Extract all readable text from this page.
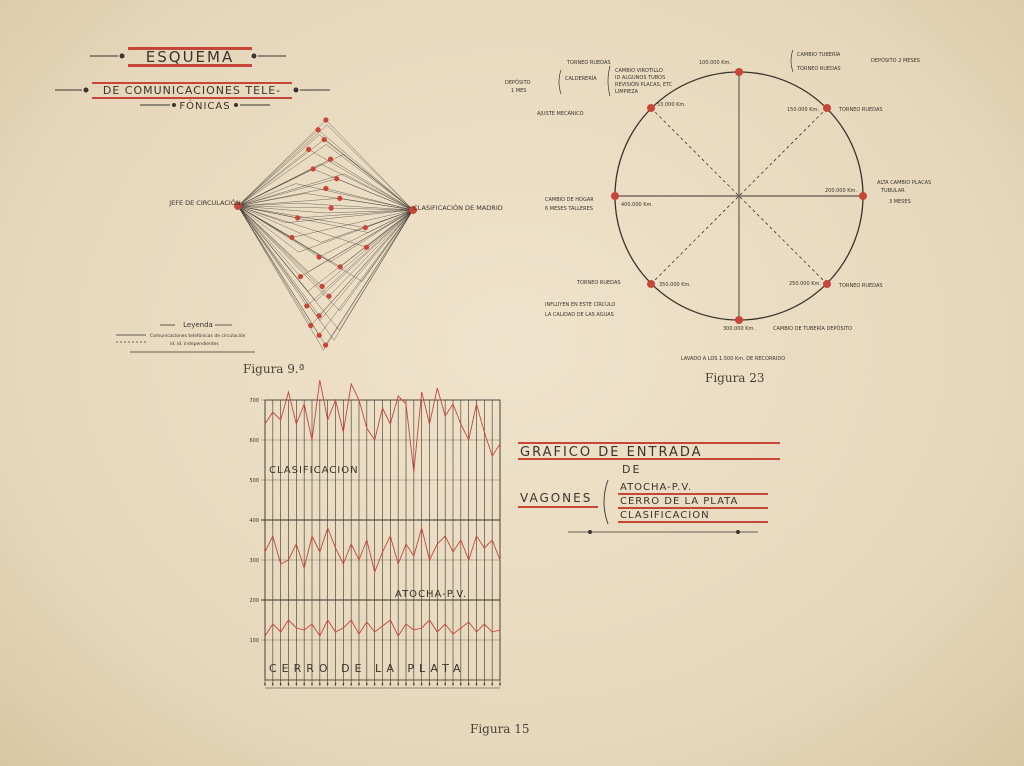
ESQUEMA
DE COMUNICACIONES TELE-
FÓNICAS
JEFE DE CIRCULACIÓN
CLASIFICACIÓN DE MADRID
Leyenda
Comunicaciones telefónicas de circulación
id. id. independientes
Figura 9.ª
100.000 Km.
CAMBIO TUBERÍA
TORNEO RUEDAS
DEPÓSITO 2 MESES
DEPÓSITO
1 MES
TORNEO RUEDAS
CALDERERÍA
CAMBIO VIROTILLO
ID ALGUNOS TUBOS
REVISIÓN PLACAS, ETC
LIMPIEZA
AJUSTE MECÁNICO
53.000 Km.
150.000 Km.	TORNEO RUEDAS
200.000 Km.
ALTA CAMBIO PLACAS
TUBULAR
3 MESES
CAMBIO DE HOGAR
6 MESES TALLERES
400.000 Km.
TORNEO RUEDAS	350.000 Km.	250.000 Km.	TORNEO RUEDAS
INFLUYEN EN ESTE CÍRCULO
LA CALIDAD DE LAS AGUAS
300.000 Km.	CAMBIO DE TUBERÍA DEPÓSITO
LAVADO A LOS 1.500 Km. DE RECORRIDO
Figura 23
100
200
300
400
500
600
700
CLASIFICACION
ATOCHA-P.V.
CERRO DE LA PLATA
GRAFICO DE ENTRADA
DE
VAGONES
ATOCHA-P.V.
CERRO DE LA PLATA
CLASIFICACION
Figura 15
